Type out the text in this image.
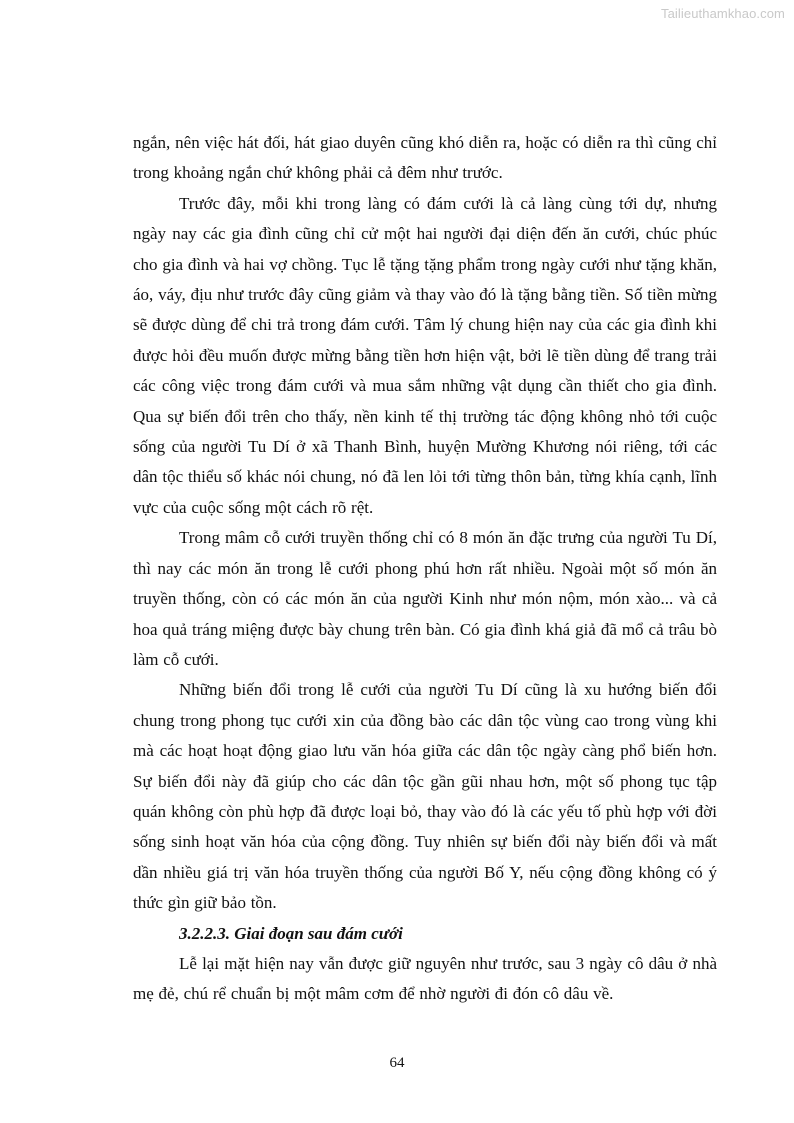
Tailieuthamkhao.com

ngắn, nên việc hát đối, hát giao duyên cũng khó diễn ra, hoặc có diễn ra thì cũng chỉ trong khoảng ngắn chứ không phải cả đêm như trước.

Trước đây, mỗi khi trong làng có đám cưới là cả làng cùng tới dự, nhưng ngày nay các gia đình cũng chỉ cử một hai người đại diện đến ăn cưới, chúc phúc cho gia đình và hai vợ chồng. Tục lễ tặng tặng phẩm trong ngày cưới như tặng khăn, áo, váy, địu như trước đây cũng giảm và thay vào đó là tặng bằng tiền. Số tiền mừng sẽ được dùng để chi trả trong đám cưới. Tâm lý chung hiện nay của các gia đình khi được hỏi đều muốn được mừng bằng tiền hơn hiện vật, bởi lẽ tiền dùng để trang trải các công việc trong đám cưới và mua sắm những vật dụng cần thiết cho gia đình. Qua sự biến đổi trên cho thấy, nền kinh tế thị trường tác động không nhỏ tới cuộc sống của người Tu Dí ở xã Thanh Bình, huyện Mường Khương nói riêng, tới các dân tộc thiểu số khác nói chung, nó đã len lỏi tới từng thôn bản, từng khía cạnh, lĩnh vực của cuộc sống một cách rõ rệt.

Trong mâm cỗ cưới truyền thống chỉ có 8 món ăn đặc trưng của người Tu Dí, thì nay các món ăn trong lễ cưới phong phú hơn rất nhiều. Ngoài một số món ăn truyền thống, còn có các món ăn của người Kinh như món nộm, món xào... và cả hoa quả tráng miệng được bày chung trên bàn. Có gia đình khá giả đã mổ cả trâu bò làm cỗ cưới.

Những biến đổi trong lễ cưới của người Tu Dí cũng là xu hướng biến đổi chung trong phong tục cưới xin của đồng bào các dân tộc vùng cao trong vùng khi mà các hoạt hoạt động giao lưu văn hóa giữa các dân tộc ngày càng phổ biến hơn. Sự biến đổi này đã giúp cho các dân tộc gần gũi nhau hơn, một số phong tục tập quán không còn phù hợp đã được loại bỏ, thay vào đó là các yếu tố phù hợp với đời sống sinh hoạt văn hóa của cộng đồng. Tuy nhiên sự biến đổi này biến đổi và mất dần nhiều giá trị văn hóa truyền thống của người Bố Y, nếu cộng đồng không có ý thức gìn giữ bảo tồn.

3.2.2.3. Giai đoạn sau đám cưới

Lễ lại mặt hiện nay vẫn được giữ nguyên như trước, sau 3 ngày cô dâu ở nhà mẹ đẻ, chú rể chuẩn bị một mâm cơm để nhờ người đi đón cô dâu về.

64
